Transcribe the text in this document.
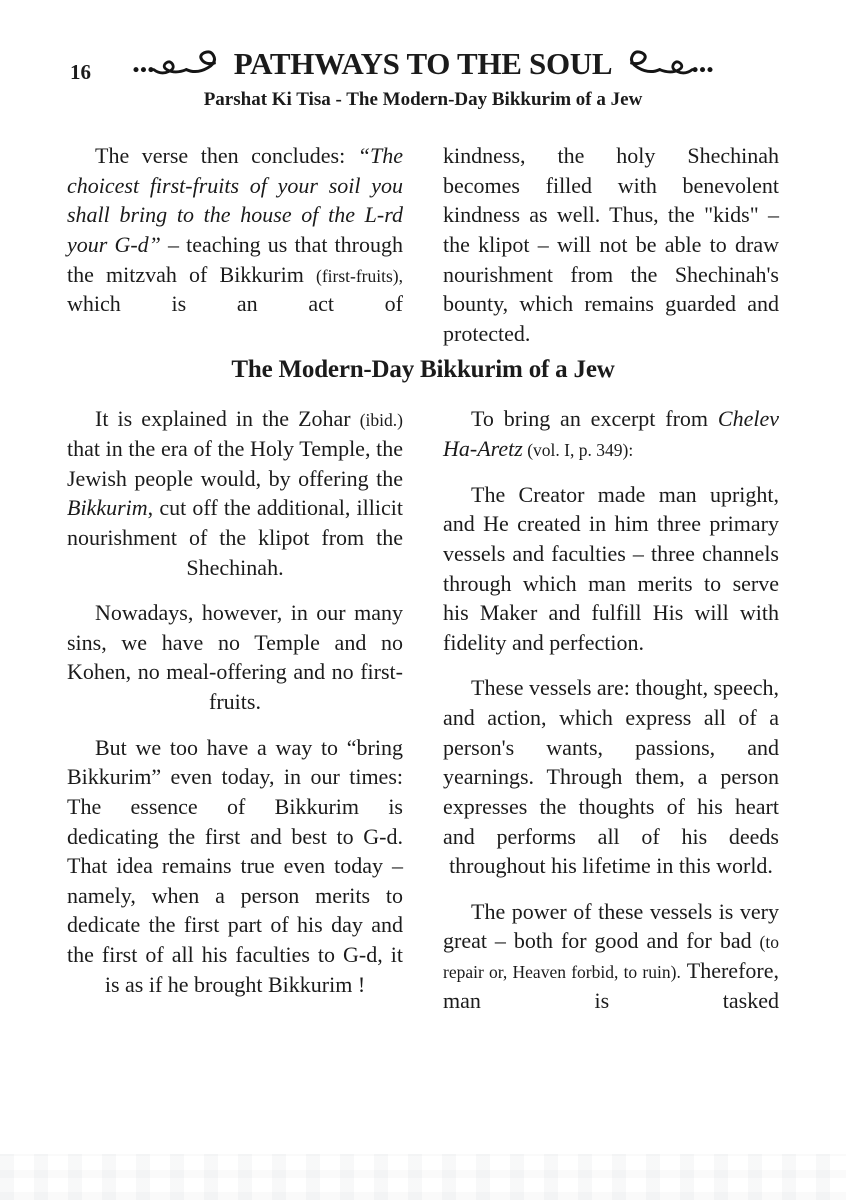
16	PATHWAYS TO THE SOUL
Parshat Ki Tisa - The Modern-Day Bikkurim of a Jew

The verse then concludes: “The choicest first-fruits of your soil you shall bring to the house of the L-rd your G-d” – teaching us that through the mitzvah of Bikkurim (first-fruits), which is an act of

kindness, the holy Shechinah becomes filled with benevolent kindness as well. Thus, the "kids" – the klipot – will not be able to draw nourishment from the Shechinah's bounty, which remains guarded and protected.

The Modern-Day Bikkurim of a Jew

It is explained in the Zohar (ibid.) that in the era of the Holy Temple, the Jewish people would, by offering the Bikkurim, cut off the additional, illicit nourishment of the klipot from the Shechinah.

Nowadays, however, in our many sins, we have no Temple and no Kohen, no meal-offering and no first-fruits.

But we too have a way to “bring Bikkurim” even today, in our times: The essence of Bikkurim is dedicating the first and best to G-d. That idea remains true even today – namely, when a person merits to dedicate the first part of his day and the first of all his faculties to G-d, it is as if he brought Bikkurim !

To bring an excerpt from Chelev Ha-Aretz (vol. I, p. 349):

The Creator made man upright, and He created in him three primary vessels and faculties – three channels through which man merits to serve his Maker and fulfill His will with fidelity and perfection.

These vessels are: thought, speech, and action, which express all of a person's wants, passions, and yearnings. Through them, a person expresses the thoughts of his heart and performs all of his deeds throughout his lifetime in this world.

The power of these vessels is very great – both for good and for bad (to repair or, Heaven forbid, to ruin). Therefore, man is tasked
